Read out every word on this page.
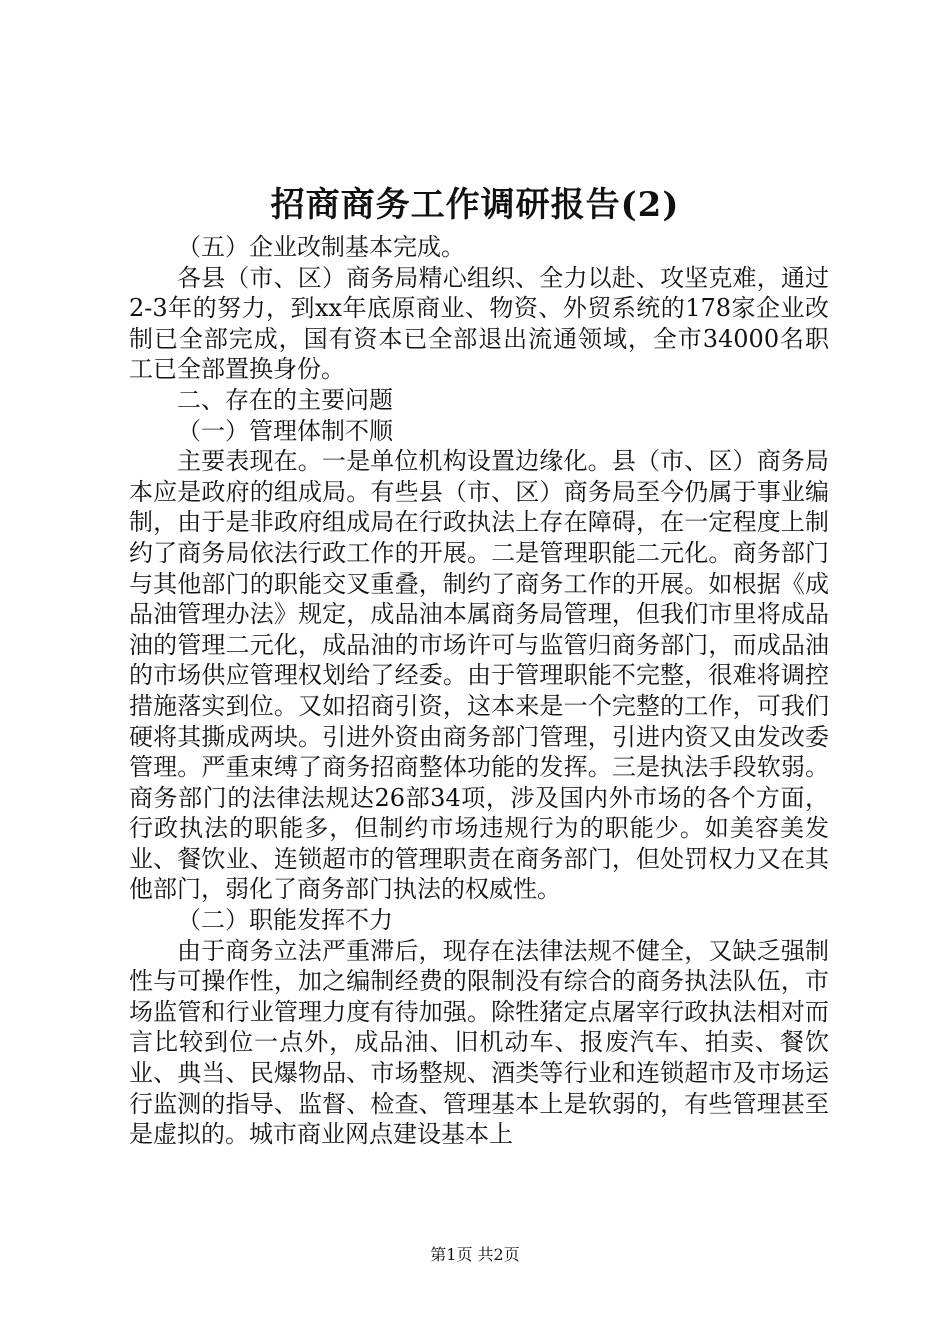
招商商务工作调研报告(2)

（五）企业改制基本完成。

各县（市、区）商务局精心组织、全力以赴、攻坚克难，通过2-3年的努力，到xx年底原商业、物资、外贸系统的178家企业改制已全部完成，国有资本已全部退出流通领域，全市34000名职工已全部置换身份。

二、存在的主要问题

（一）管理体制不顺

主要表现在。一是单位机构设置边缘化。县（市、区）商务局本应是政府的组成局。有些县（市、区）商务局至今仍属于事业编制，由于是非政府组成局在行政执法上存在障碍，在一定程度上制约了商务局依法行政工作的开展。二是管理职能二元化。商务部门与其他部门的职能交叉重叠，制约了商务工作的开展。如根据《成品油管理办法》规定，成品油本属商务局管理，但我们市里将成品油的管理二元化，成品油的市场许可与监管归商务部门，而成品油的市场供应管理权划给了经委。由于管理职能不完整，很难将调控措施落实到位。又如招商引资，这本来是一个完整的工作，可我们硬将其撕成两块。引进外资由商务部门管理，引进内资又由发改委管理。严重束缚了商务招商整体功能的发挥。三是执法手段软弱。商务部门的法律法规达26部34项，涉及国内外市场的各个方面，行政执法的职能多，但制约市场违规行为的职能少。如美容美发业、餐饮业、连锁超市的管理职责在商务部门，但处罚权力又在其他部门，弱化了商务部门执法的权威性。

（二）职能发挥不力

由于商务立法严重滞后，现存在法律法规不健全，又缺乏强制性与可操作性，加之编制经费的限制没有综合的商务执法队伍，市场监管和行业管理力度有待加强。除牲猪定点屠宰行政执法相对而言比较到位一点外，成品油、旧机动车、报废汽车、拍卖、餐饮业、典当、民爆物品、市场整规、酒类等行业和连锁超市及市场运行监测的指导、监督、检查、管理基本上是软弱的，有些管理甚至是虚拟的。城市商业网点建设基本上

第1页 共2页
